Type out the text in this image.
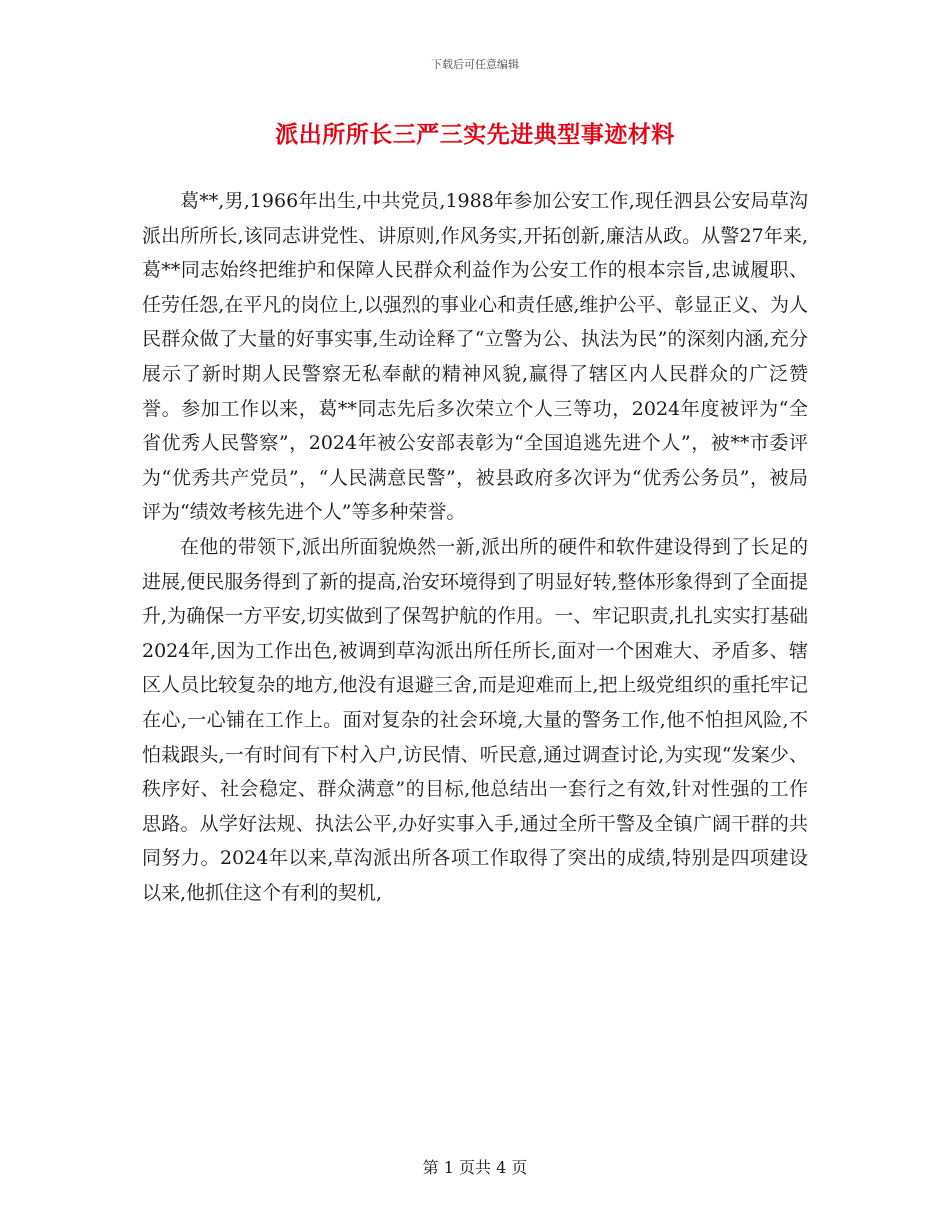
下载后可任意编辑
派出所所长三严三实先进典型事迹材料

葛**,男,1966年出生,中共党员,1988年参加公安工作,现任泗县公安局草沟派出所所长,该同志讲党性、讲原则,作风务实,开拓创新,廉洁从政。从警27年来,葛**同志始终把维护和保障人民群众利益作为公安工作的根本宗旨,忠诚履职、任劳任怨,在平凡的岗位上,以强烈的事业心和责任感,维护公平、彰显正义、为人民群众做了大量的好事实事,生动诠释了“立警为公、执法为民”的深刻内涵,充分展示了新时期人民警察无私奉献的精神风貌,赢得了辖区内人民群众的广泛赞誉。参加工作以来，葛**同志先后多次荣立个人三等功，2024年度被评为“全省优秀人民警察”，2024年被公安部表彰为“全国追逃先进个人”，被**市委评为“优秀共产党员”，“人民满意民警”，被县政府多次评为“优秀公务员”，被局评为“绩效考核先进个人”等多种荣誉。

在他的带领下,派出所面貌焕然一新,派出所的硬件和软件建设得到了长足的进展,便民服务得到了新的提高,治安环境得到了明显好转,整体形象得到了全面提升,为确保一方平安,切实做到了保驾护航的作用。一、牢记职责,扎扎实实打基础2024年,因为工作出色,被调到草沟派出所任所长,面对一个困难大、矛盾多、辖区人员比较复杂的地方,他没有退避三舍,而是迎难而上,把上级党组织的重托牢记在心,一心铺在工作上。面对复杂的社会环境,大量的警务工作,他不怕担风险,不怕栽跟头,一有时间有下村入户,访民情、听民意,通过调查讨论,为实现“发案少、秩序好、社会稳定、群众满意”的目标,他总结出一套行之有效,针对性强的工作思路。从学好法规、执法公平,办好实事入手,通过全所干警及全镇广阔干群的共同努力。2024年以来,草沟派出所各项工作取得了突出的成绩,特别是四项建设以来,他抓住这个有利的契机,

第 1 页共 4 页
